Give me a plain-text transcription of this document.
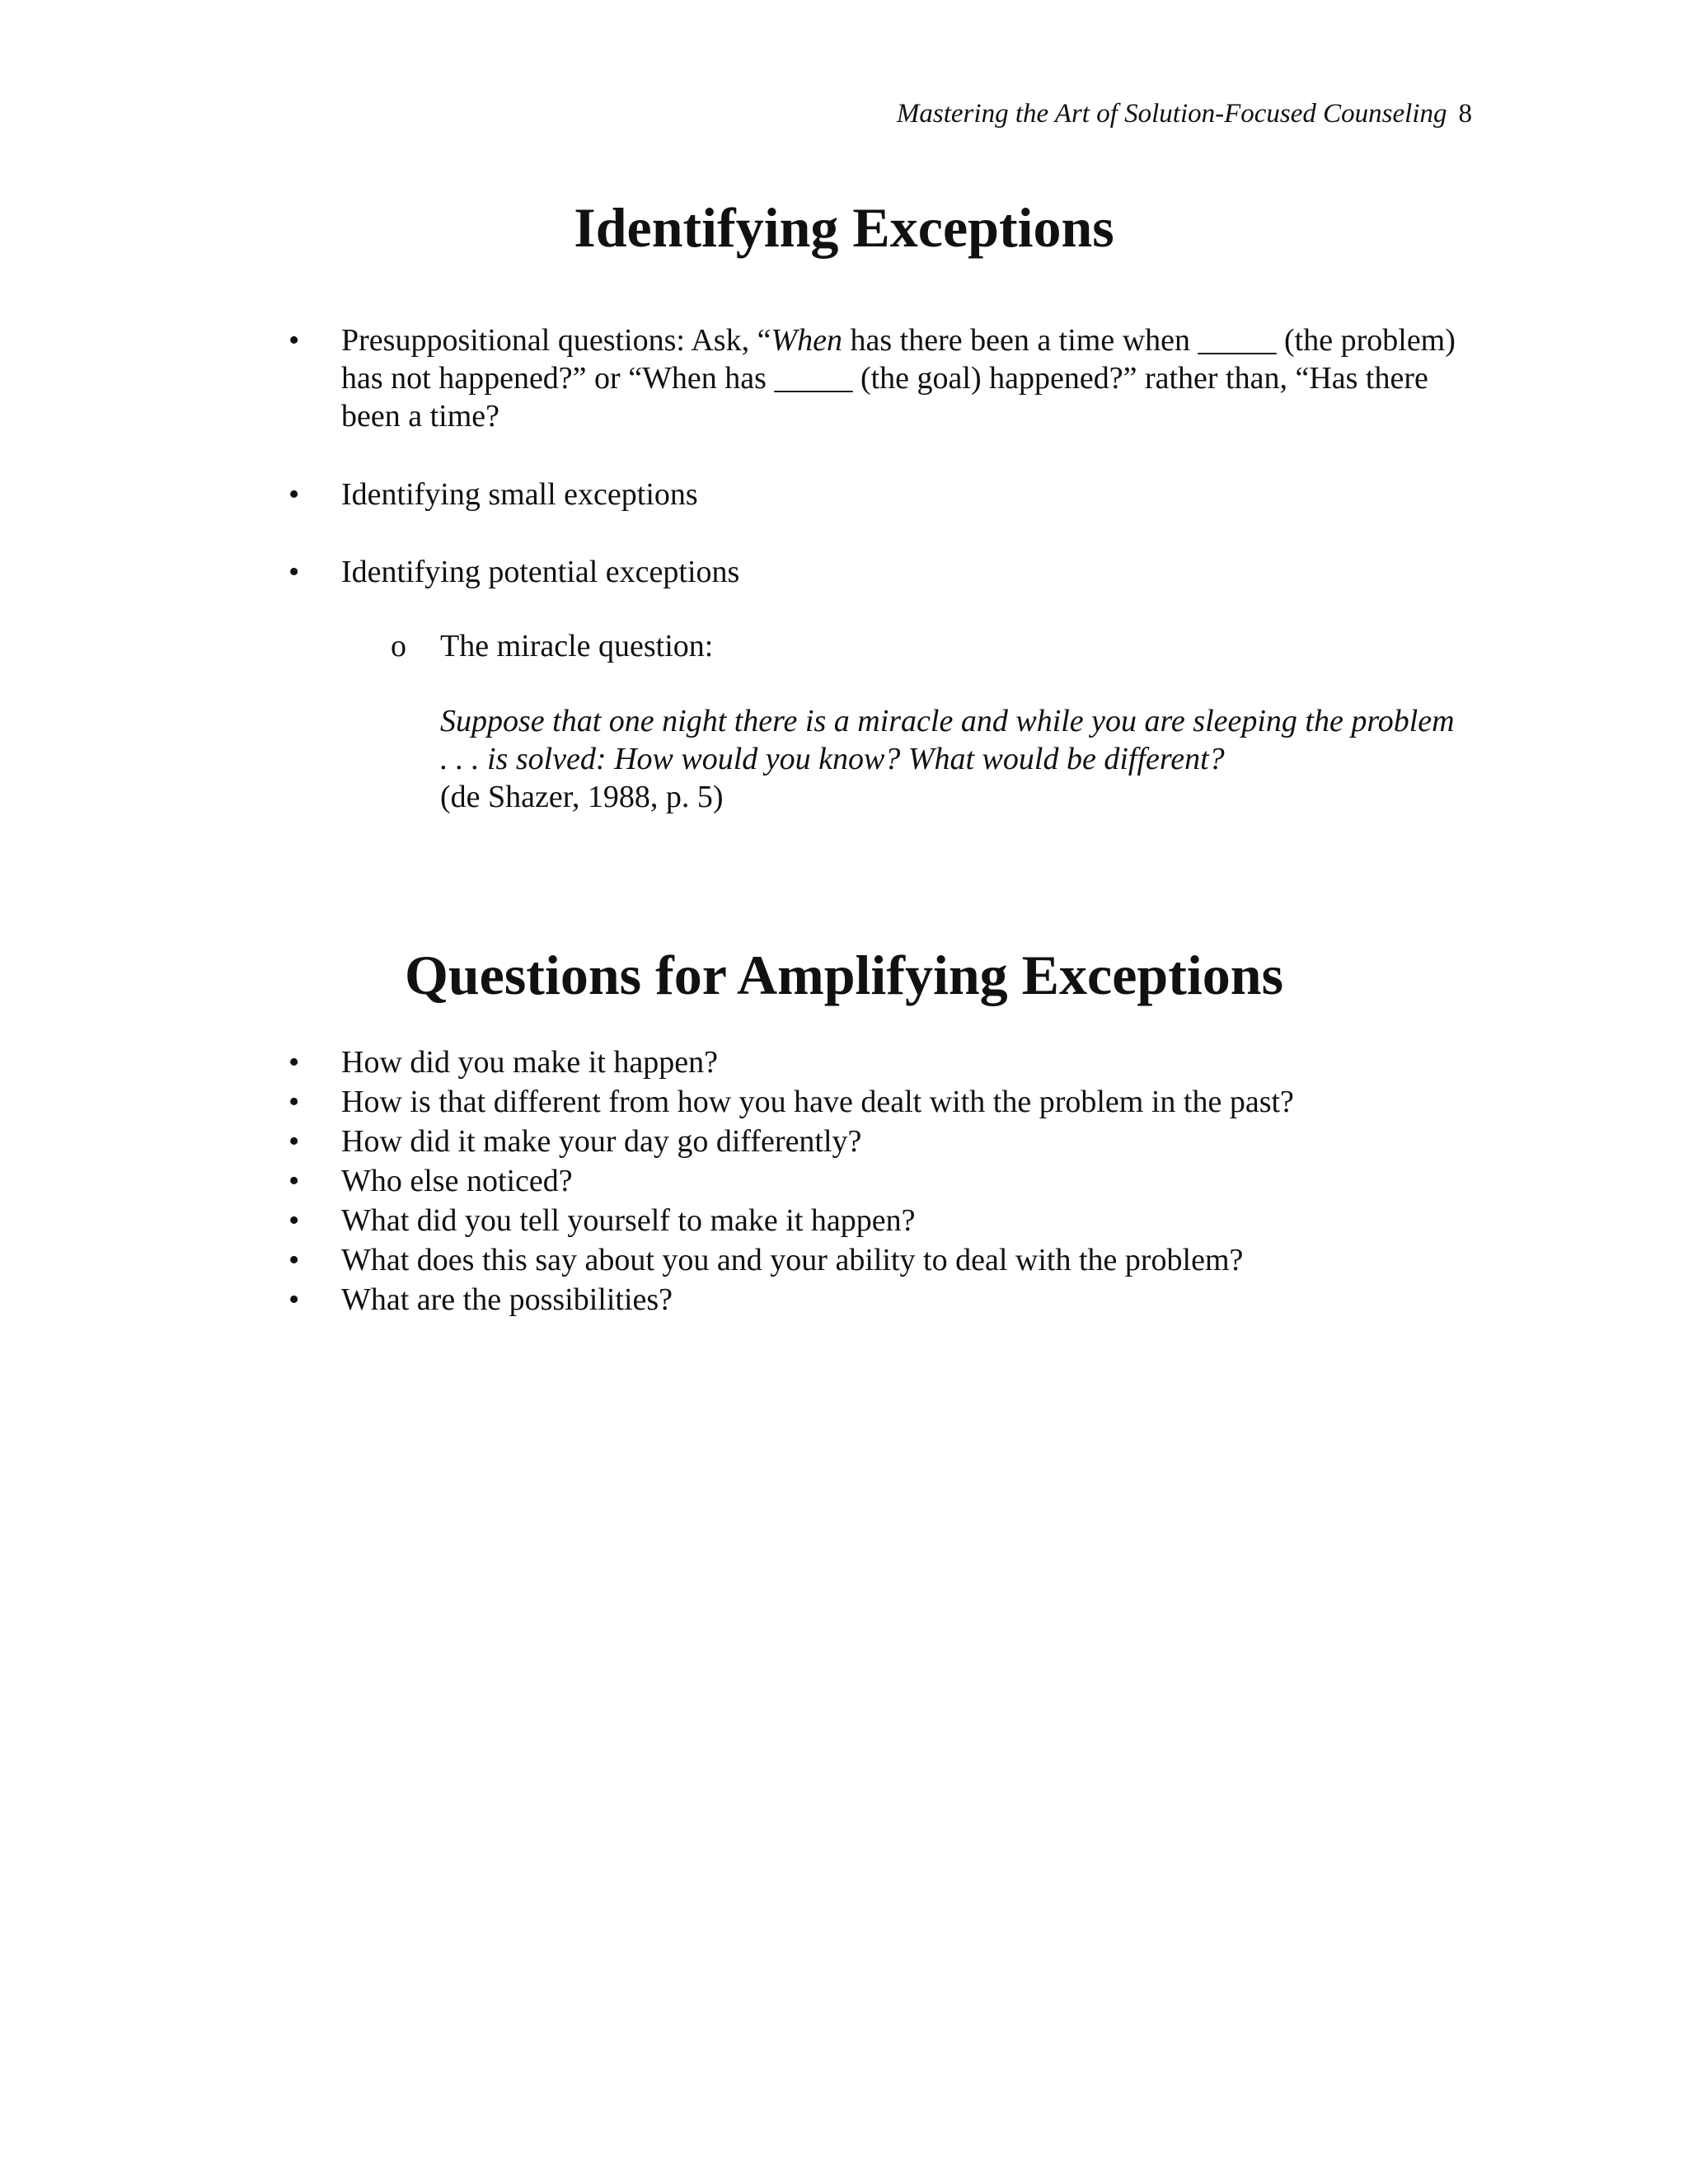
Mastering the Art of Solution-Focused Counseling 8
Identifying Exceptions
•	Presuppositional questions: Ask, “When has there been a time when _____ (the problem) has not happened?” or “When has _____ (the goal) happened?” rather than, “Has there been a time?
•	Identifying small exceptions
•	Identifying potential exceptions
o The miracle question:
Suppose that one night there is a miracle and while you are sleeping the problem . . . is solved: How would you know? What would be different?
(de Shazer, 1988, p. 5)
Questions for Amplifying Exceptions
• How did you make it happen?
• How is that different from how you have dealt with the problem in the past?
• How did it make your day go differently?
• Who else noticed?
• What did you tell yourself to make it happen?
• What does this say about you and your ability to deal with the problem?
• What are the possibilities?
